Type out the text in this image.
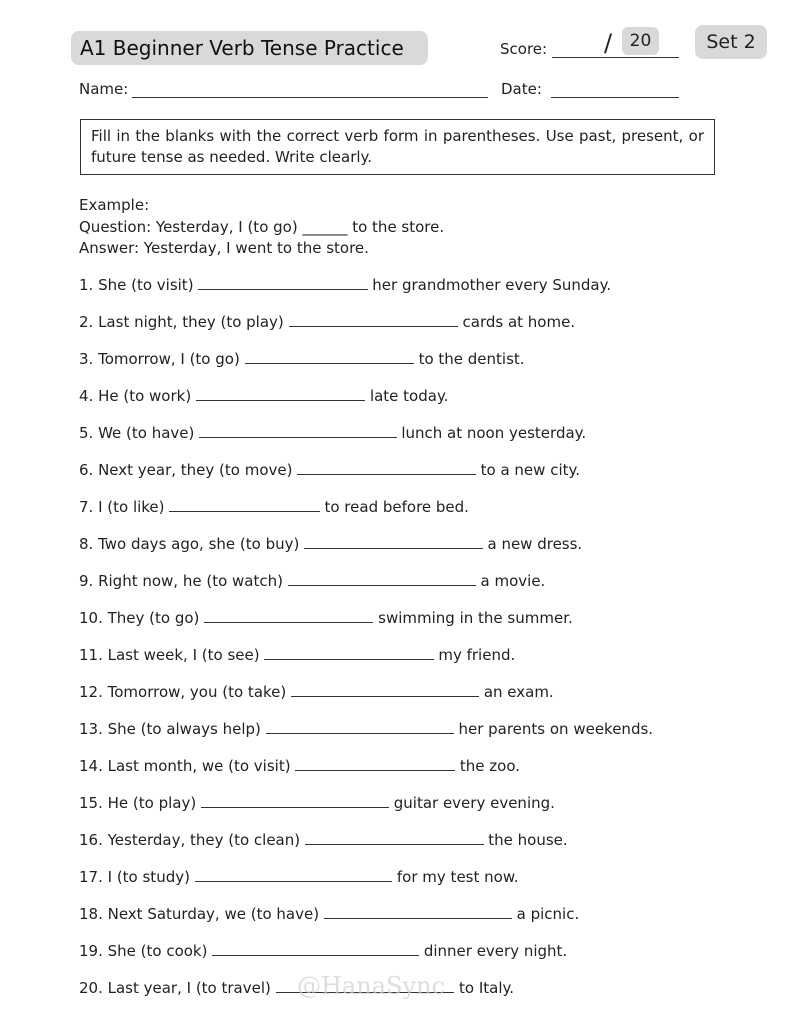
A1 Beginner Verb Tense Practice	Score: /	20	Set 2
Name:	Date:
Fill in the blanks with the correct verb form in parentheses. Use past, present, or future tense as needed. Write clearly.
Example:
Question: Yesterday, I (to go) ______ to the store.
Answer: Yesterday, I went to the store.
1. She (to visit)	her grandmother every Sunday.
2. Last night, they (to play)	cards at home.
3. Tomorrow, I (to go)	to the dentist.
4. He (to work)	late today.
5. We (to have)	lunch at noon yesterday.
6. Next year, they (to move)	to a new city.
7. I (to like)	to read before bed.
8. Two days ago, she (to buy)	a new dress.
9. Right now, he (to watch)	a movie.
10. They (to go)	swimming in the summer.
11. Last week, I (to see)	my friend.
12. Tomorrow, you (to take)	an exam.
13. She (to always help)	her parents on weekends.
14. Last month, we (to visit)	the zoo.
15. He (to play)	guitar every evening.
16. Yesterday, they (to clean)	the house.
17. I (to study)	for my test now.
18. Next Saturday, we (to have)	a picnic.
19. She (to cook)	dinner every night.
20. Last year, I (to travel)	to Italy.
@HanaSync
